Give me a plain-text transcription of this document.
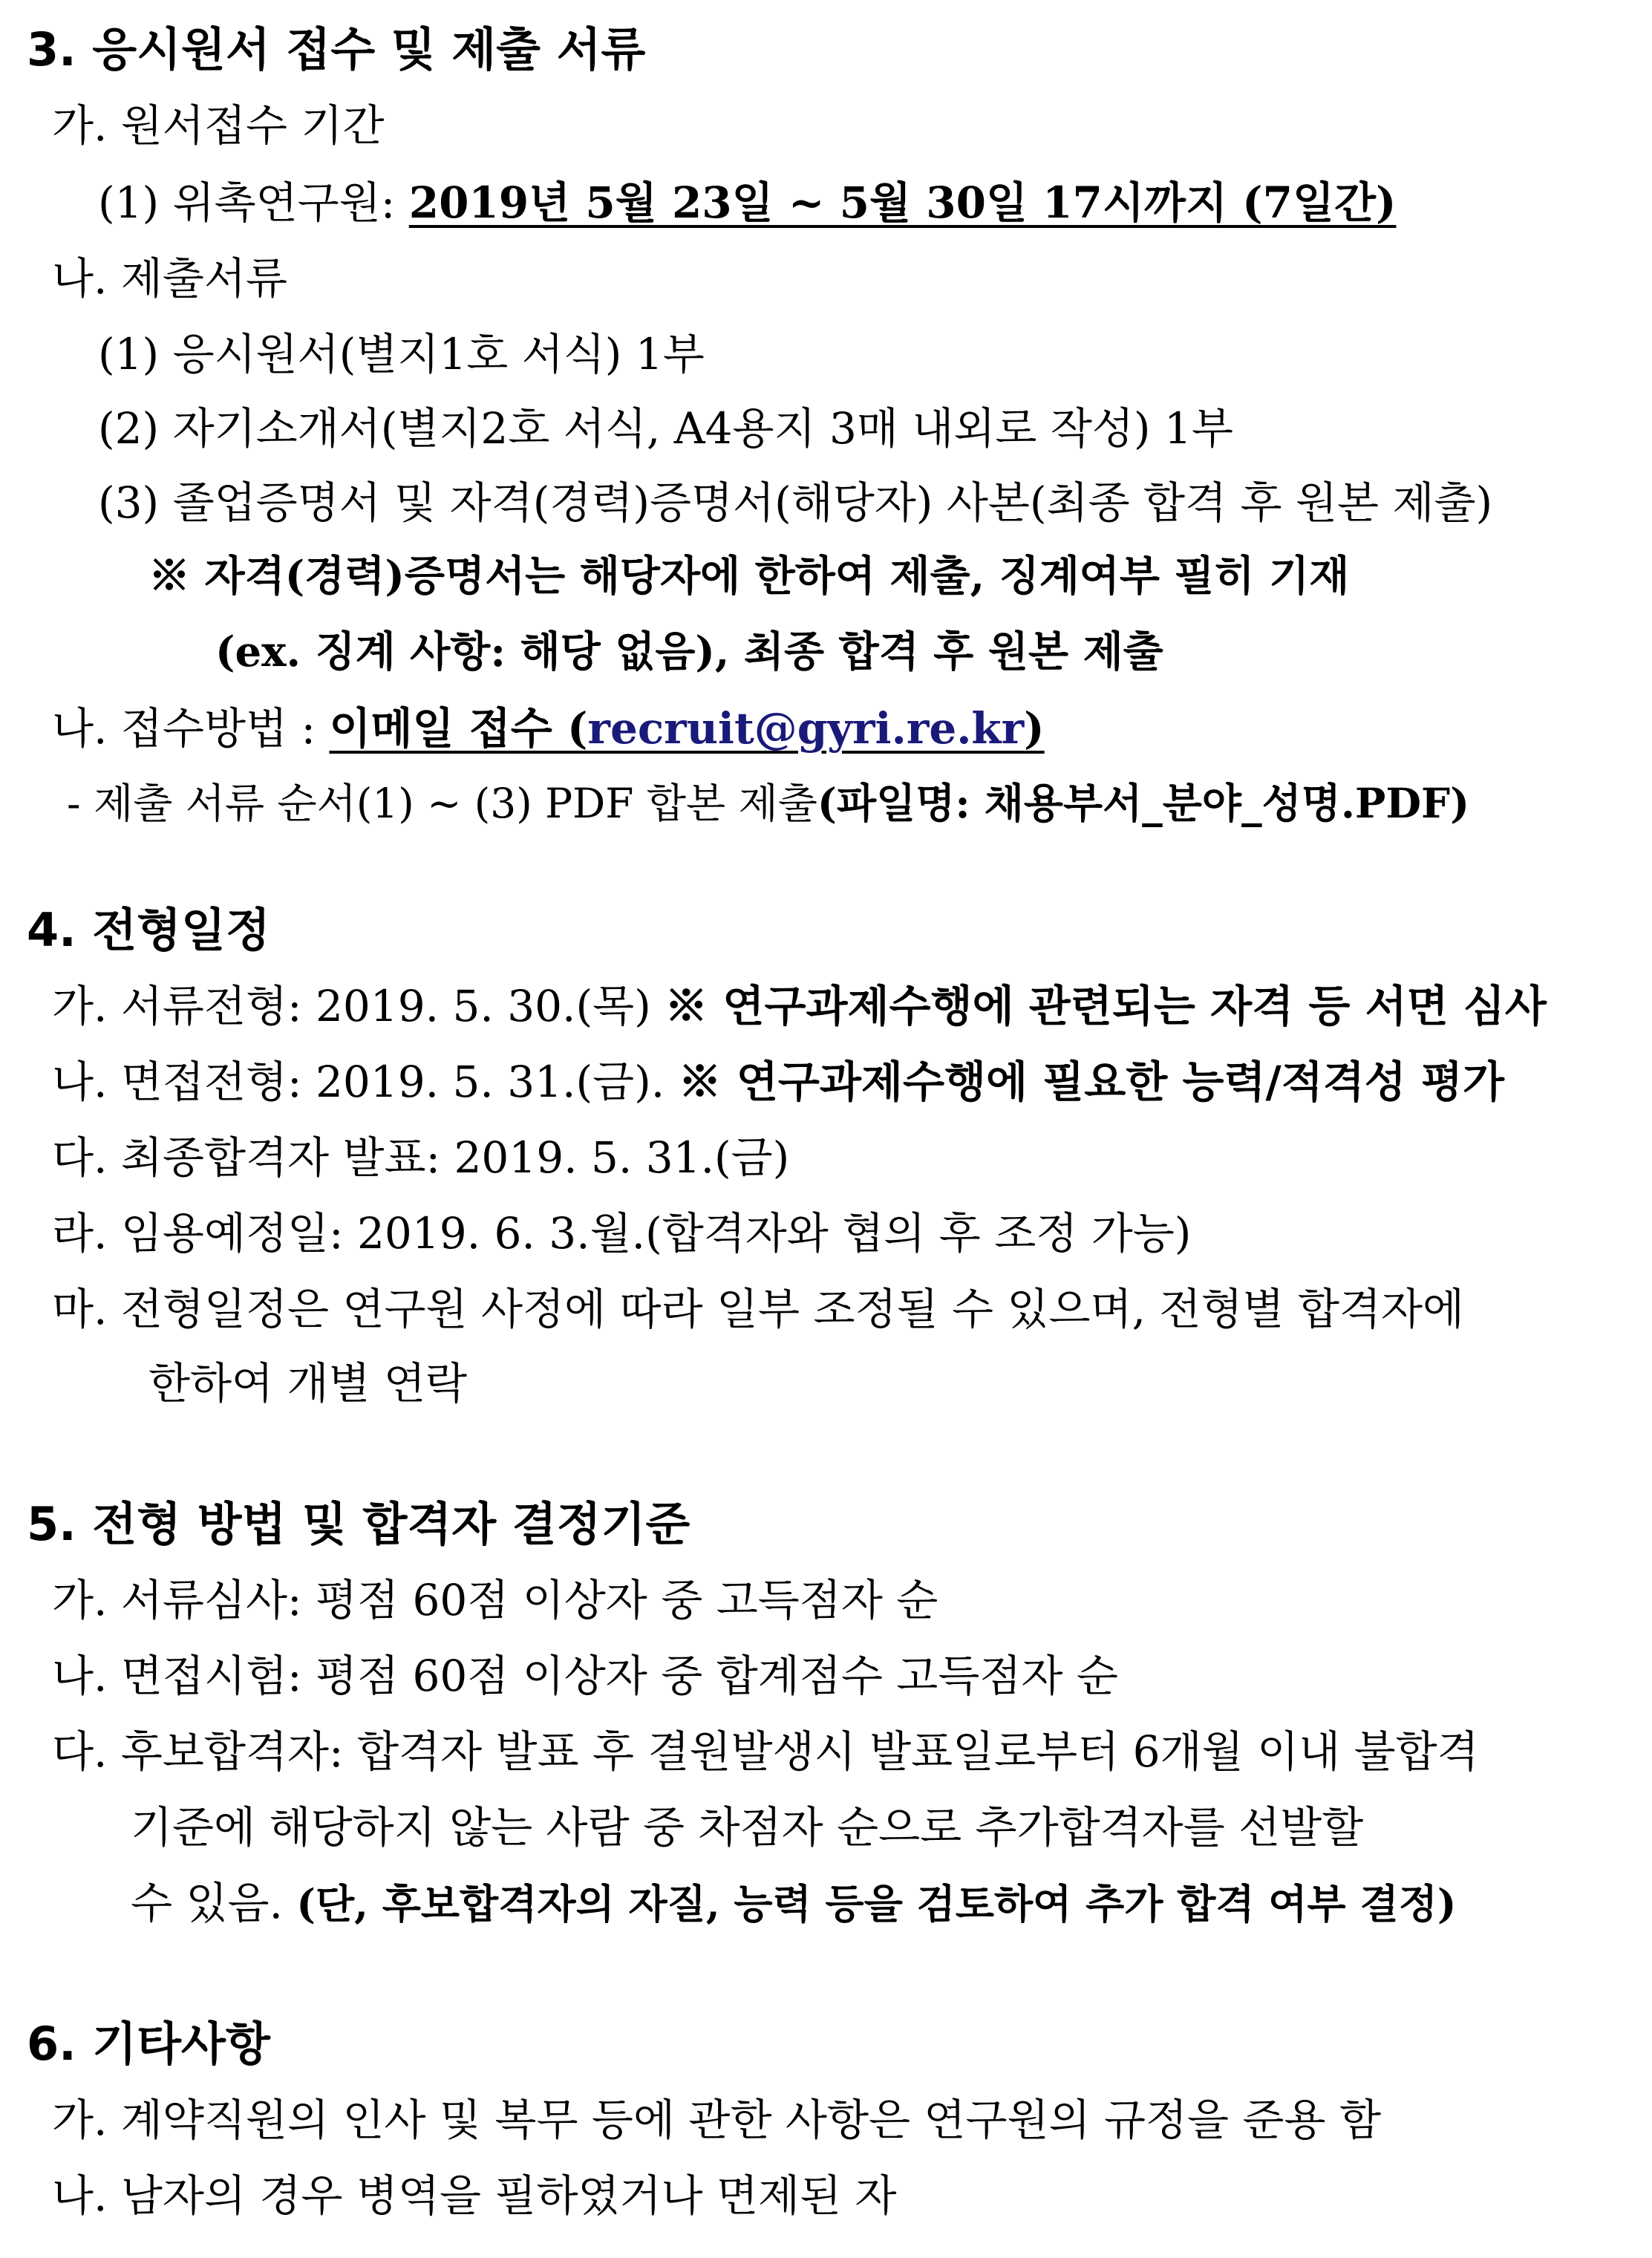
3. 응시원서 접수 및 제출 서류
가. 원서접수 기간
(1) 위촉연구원: 2019년 5월 23일 ~ 5월 30일 17시까지 (7일간)
나. 제출서류
(1) 응시원서(별지1호 서식) 1부
(2) 자기소개서(별지2호 서식, A4용지 3매 내외로 작성) 1부
(3) 졸업증명서 및 자격(경력)증명서(해당자) 사본(최종 합격 후 원본 제출)
※ 자격(경력)증명서는 해당자에 한하여 제출, 징계여부 필히 기재
(ex. 징계 사항: 해당 없음), 최종 합격 후 원본 제출
나. 접수방법 : 이메일 접수 (recruit@gyri.re.kr)
- 제출 서류 순서(1) ~ (3) PDF 합본 제출(파일명: 채용부서_분야_성명.PDF)
4. 전형일정
가. 서류전형: 2019. 5. 30.(목) ※ 연구과제수행에 관련되는 자격 등 서면 심사
나. 면접전형: 2019. 5. 31.(금). ※ 연구과제수행에 필요한 능력/적격성 평가
다. 최종합격자 발표: 2019. 5. 31.(금)
라. 임용예정일: 2019. 6. 3.월.(합격자와 협의 후 조정 가능)
마. 전형일정은 연구원 사정에 따라 일부 조정될 수 있으며, 전형별 합격자에
한하여 개별 연락
5. 전형 방법 및 합격자 결정기준
가. 서류심사: 평점 60점 이상자 중 고득점자 순
나. 면접시험: 평점 60점 이상자 중 합계점수 고득점자 순
다. 후보합격자: 합격자 발표 후 결원발생시 발표일로부터 6개월 이내 불합격
기준에 해당하지 않는 사람 중 차점자 순으로 추가합격자를 선발할
수 있음. (단, 후보합격자의 자질, 능력 등을 검토하여 추가 합격 여부 결정)
6. 기타사항
가. 계약직원의 인사 및 복무 등에 관한 사항은 연구원의 규정을 준용 함
나. 남자의 경우 병역을 필하였거나 면제된 자
